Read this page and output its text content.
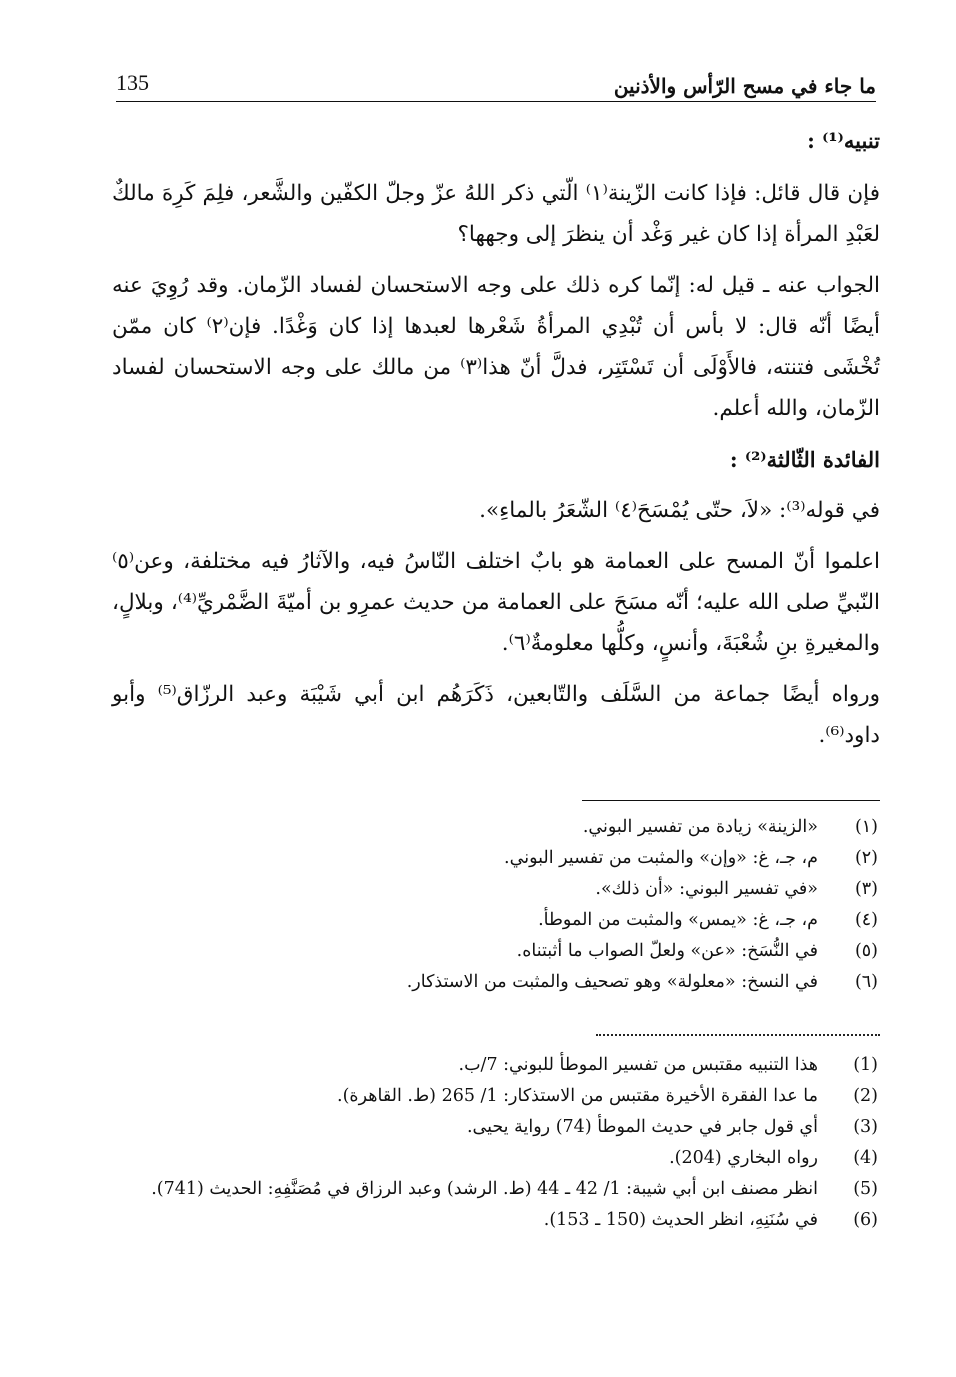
135	ما جاء في مسح الرّأس والأذنين

تنبيه⁽¹⁾ :

فإن قال قائل: فإذا كانت الزّينة⁽١⁾ الّتي ذكر اللهُ عزّ وجلّ الكفّين والشَّعر، فلِمَ كَرِهَ مالكٌ لعَبْدِ المرأة إذا كان غير وَغْد أن ينظرَ إلى وجهها؟

الجواب عنه ـ قيل له: إنّما كره ذلك على وجه الاستحسان لفساد الزّمان. وقد رُوِيَ عنه أيضًا أنّه قال: لا بأس أن تُبْدِي المرأةُ شَعْرها لعبدها إذا كان وَغْدًا. فإن⁽٢⁾ كان ممّن تُخْشَى فتنته، فالأَوْلَى أن تَسْتَتِر، فدلَّ أنّ هذا⁽٣⁾ من مالك على وجه الاستحسان لفساد الزّمان، والله أعلم.

الفائدة الثّالثة⁽²⁾ :

في قوله⁽³⁾: «لاَ، حتّى يُمْسَحَ⁽٤⁾ الشّعَرُ بالماءِ».

اعلموا أنّ المسح على العمامة هو بابٌ اختلف النّاسُ فيه، والآثارُ فيه مختلفة، وعن⁽٥⁾ النّبيِّ صلى الله عليه؛ أنّه مسَحَ على العمامة من حديث عمرِو بن أميّةَ الضَّمْريِّ⁽⁴⁾، وبلالٍ، والمغيرةِ بنِ شُعْبَةَ، وأنسٍ، وكلُّها معلومةٌ⁽٦⁾.

ورواه أيضًا جماعة من السَّلَف والتّابعين، ذَكَرَهُم ابن أبي شَيْبَة وعبد الرزّاق⁽⁵⁾ وأبو داود⁽⁶⁾.

(١)
«الزينة» زيادة من تفسير البوني.
(٢)
م، جـ، غ: «وإن» والمثبت من تفسير البوني.
(٣)
«في تفسير البوني: «أن ذلك».
(٤)
م، جـ، غ: «يمس» والمثبت من الموطأ.
(٥)
في النُّسَخ: «عن» ولعلّ الصواب ما أثبتناه.
(٦)
في النسخ: «معلولة» وهو تصحيف والمثبت من الاستذكار.
(1)
هذا التنبيه مقتبس من تفسير الموطأ للبوني: 7/ب.
(2)
ما عدا الفقرة الأخيرة مقتبس من الاستذكار: 1/ 265 (ط. القاهرة).
(3)
أي قول جابر في حديث الموطأ (74) رواية يحيى.
(4)
رواه البخاري (204).
(5)
انظر مصنف ابن أبي شيبة: 1/ 42 ـ 44 (ط. الرشد) وعبد الرزاق في مُصَنَّفِهِ: الحديث (741).
(6)
في سُنَنِهِ، انظر الحديث (150 ـ 153).
